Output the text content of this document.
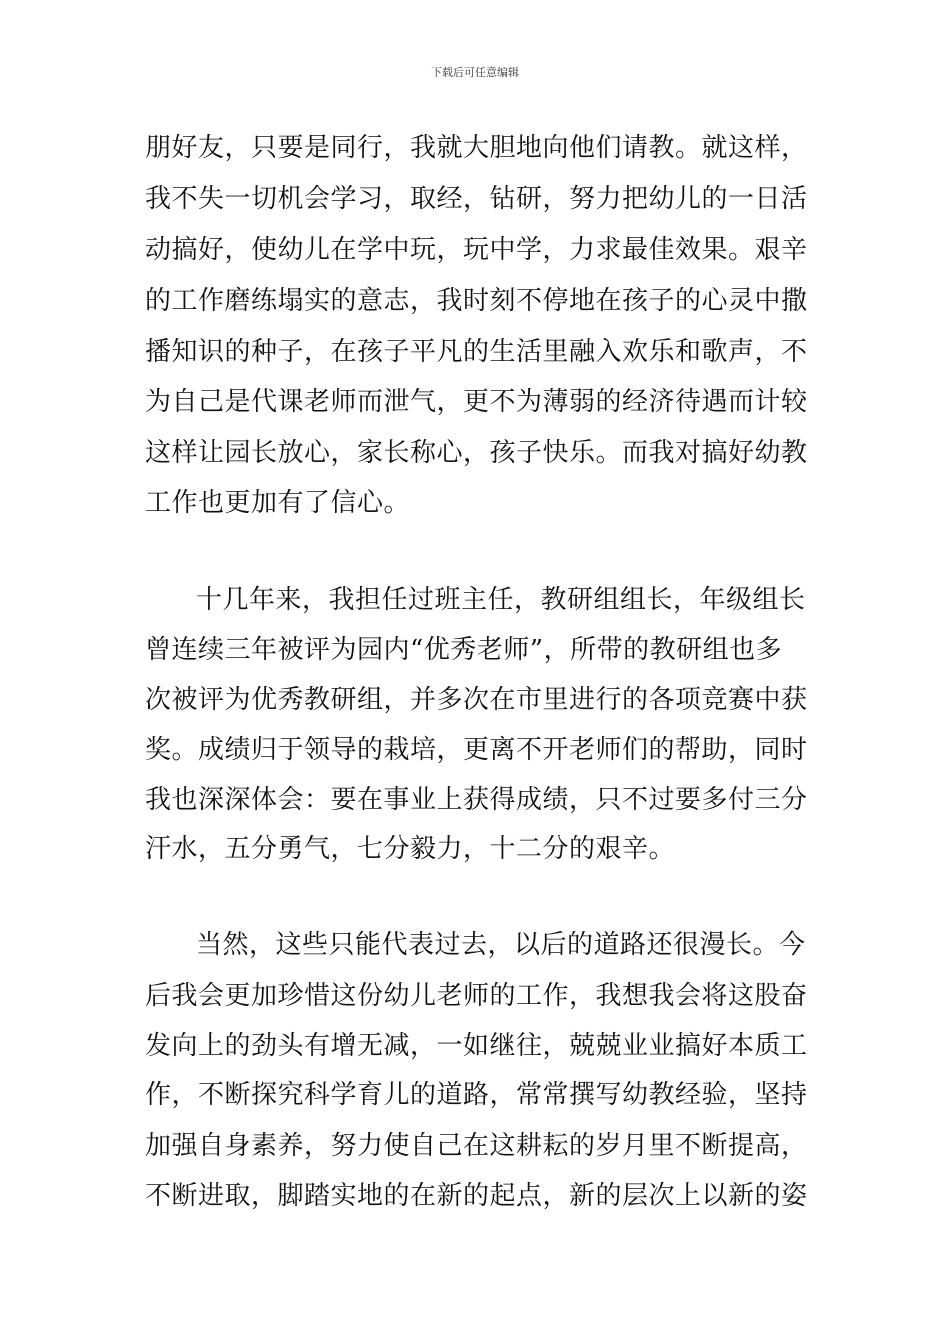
下载后可任意编辑
朋好友，只要是同行，我就大胆地向他们请教。就这样，
我不失一切机会学习，取经，钻研，努力把幼儿的一日活
动搞好，使幼儿在学中玩，玩中学，力求最佳效果。艰辛
的工作磨练塌实的意志，我时刻不停地在孩子的心灵中撒
播知识的种子，在孩子平凡的生活里融入欢乐和歌声，不
为自己是代课老师而泄气，更不为薄弱的经济待遇而计较
这样让园长放心，家长称心，孩子快乐。而我对搞好幼教
工作也更加有了信心。
十几年来，我担任过班主任，教研组组长，年级组长
曾连续三年被评为园内“优秀老师”，所带的教研组也多
次被评为优秀教研组，并多次在市里进行的各项竞赛中获
奖。成绩归于领导的栽培，更离不开老师们的帮助，同时
我也深深体会：要在事业上获得成绩，只不过要多付三分
汗水，五分勇气，七分毅力，十二分的艰辛。
当然，这些只能代表过去，以后的道路还很漫长。今
后我会更加珍惜这份幼儿老师的工作，我想我会将这股奋
发向上的劲头有增无减，一如继往，兢兢业业搞好本质工
作，不断探究科学育儿的道路，常常撰写幼教经验，坚持
加强自身素养，努力使自己在这耕耘的岁月里不断提高，
不断进取，脚踏实地的在新的起点，新的层次上以新的姿
